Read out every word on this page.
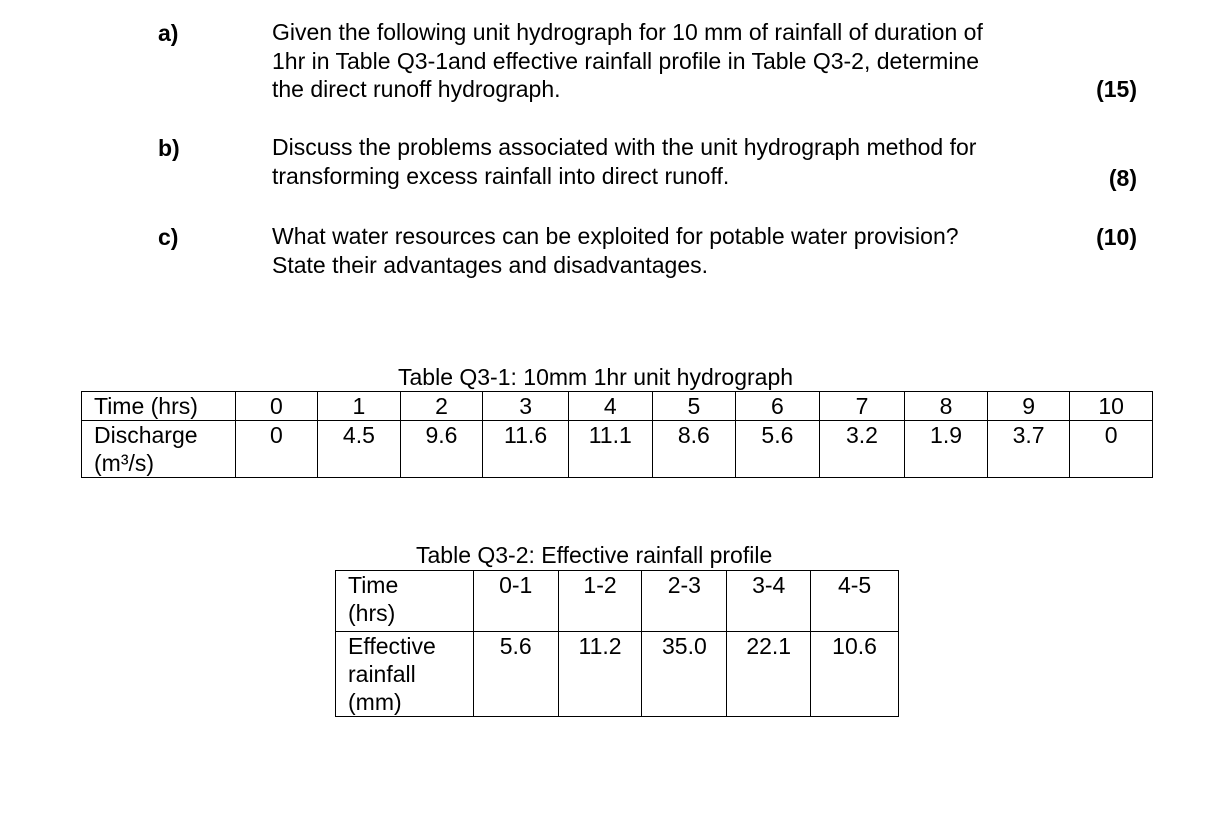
a)	Given the following unit hydrograph for 10 mm of rainfall of duration of
1hr in Table Q3-1and effective rainfall profile in Table Q3-2, determine
the direct runoff hydrograph.	(15)
b)	Discuss the problems associated with the unit hydrograph method for
transforming excess rainfall into direct runoff.	(8)
c)	What water resources can be exploited for potable water provision?
State their advantages and disadvantages.
(10)
Table Q3-1: 10mm 1hr unit hydrograph
Time (hrs)	0	1	2	3	4	5	6	7	8	9	10

Discharge
(m³/s)	0	4.5	9.6	11.6	11.1	8.6	5.6	3.2	1.9	3.7	0
Table Q3-2: Effective rainfall profile
Time
(hrs)	0-1	1-2	2-3	3-4	4-5

Effective
rainfall
(mm)	5.6	11.2	35.0	22.1	10.6
